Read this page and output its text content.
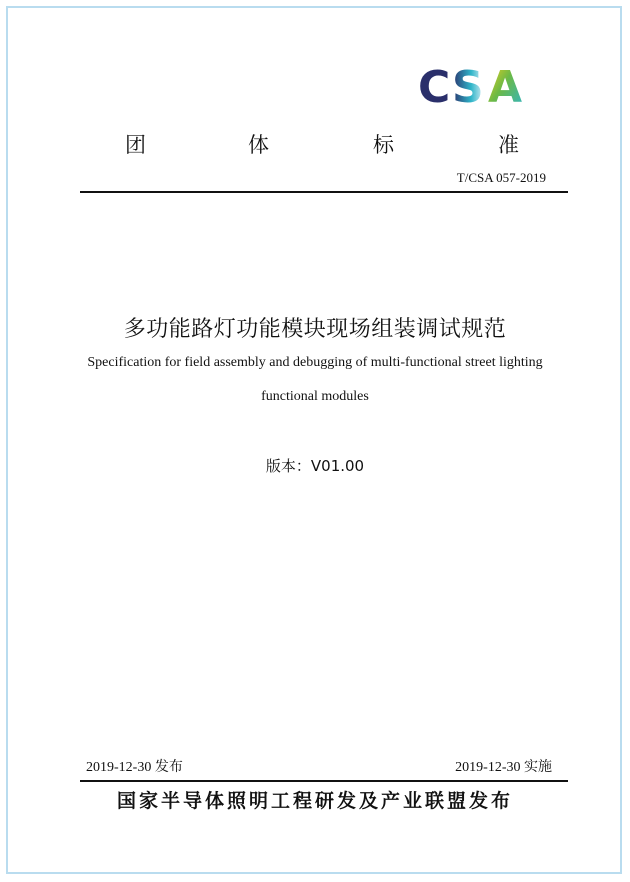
C S A
团	体	标	准
T/CSA 057-2019
多功能路灯功能模块现场组装调试规范
Specification for field assembly and debugging of multi-functional street lighting
functional modules
版本：V01.00
2019-12-30 发布	2019-12-30 实施
国家半导体照明工程研发及产业联盟发布
